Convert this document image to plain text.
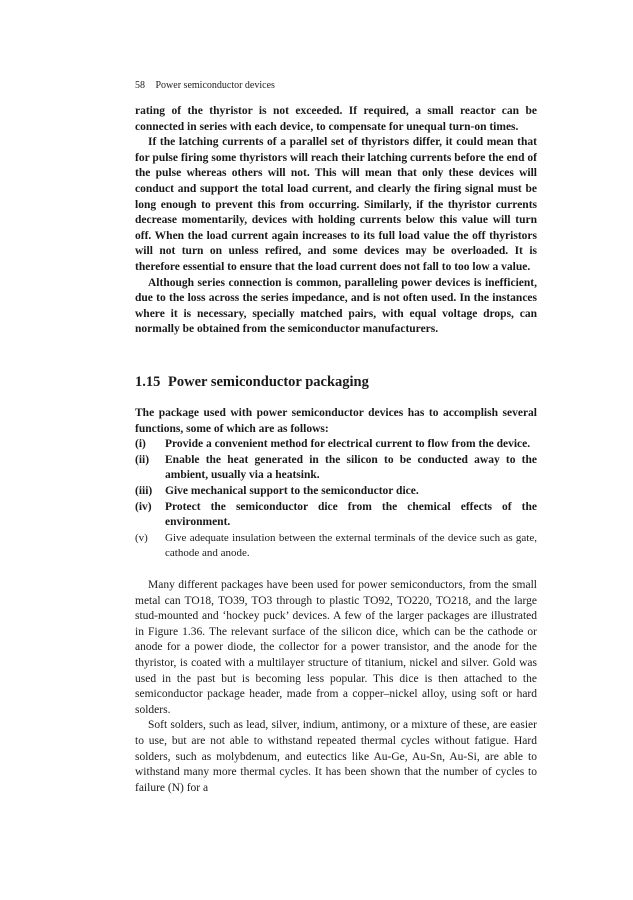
58 Power semiconductor devices

rating of the thyristor is not exceeded. If required, a small reactor can be connected in series with each device, to compensate for unequal turn-on times.

If the latching currents of a parallel set of thyristors differ, it could mean that for pulse firing some thyristors will reach their latching currents before the end of the pulse whereas others will not. This will mean that only these devices will conduct and support the total load current, and clearly the firing signal must be long enough to prevent this from occurring. Similarly, if the thyristor currents decrease momentarily, devices with holding currents below this value will turn off. When the load current again increases to its full load value the off thyristors will not turn on unless refired, and some devices may be overloaded. It is therefore essential to ensure that the load current does not fall to too low a value.

Although series connection is common, paralleling power devices is inefficient, due to the loss across the series impedance, and is not often used. In the instances where it is necessary, specially matched pairs, with equal voltage drops, can normally be obtained from the semiconductor manufacturers.

1.15 Power semiconductor packaging

The package used with power semiconductor devices has to accomplish several functions, some of which are as follows:

(i) Provide a convenient method for electrical current to flow from the device.
(ii) Enable the heat generated in the silicon to be conducted away to the ambient, usually via a heatsink.
(iii) Give mechanical support to the semiconductor dice.
(iv) Protect the semiconductor dice from the chemical effects of the environment.
(v) Give adequate insulation between the external terminals of the device such as gate, cathode and anode.

Many different packages have been used for power semiconductors, from the small metal can TO18, TO39, TO3 through to plastic TO92, TO220, TO218, and the large stud-mounted and ‘hockey puck’ devices. A few of the larger packages are illustrated in Figure 1.36. The relevant surface of the silicon dice, which can be the cathode or anode for a power diode, the collector for a power transistor, and the anode for the thyristor, is coated with a multilayer structure of titanium, nickel and silver. Gold was used in the past but is becoming less popular. This dice is then attached to the semiconductor package header, made from a copper–nickel alloy, using soft or hard solders.

Soft solders, such as lead, silver, indium, antimony, or a mixture of these, are easier to use, but are not able to withstand repeated thermal cycles without fatigue. Hard solders, such as molybdenum, and eutectics like Au-Ge, Au-Sn, Au-Si, are able to withstand many more thermal cycles. It has been shown that the number of cycles to failure (N) for a
